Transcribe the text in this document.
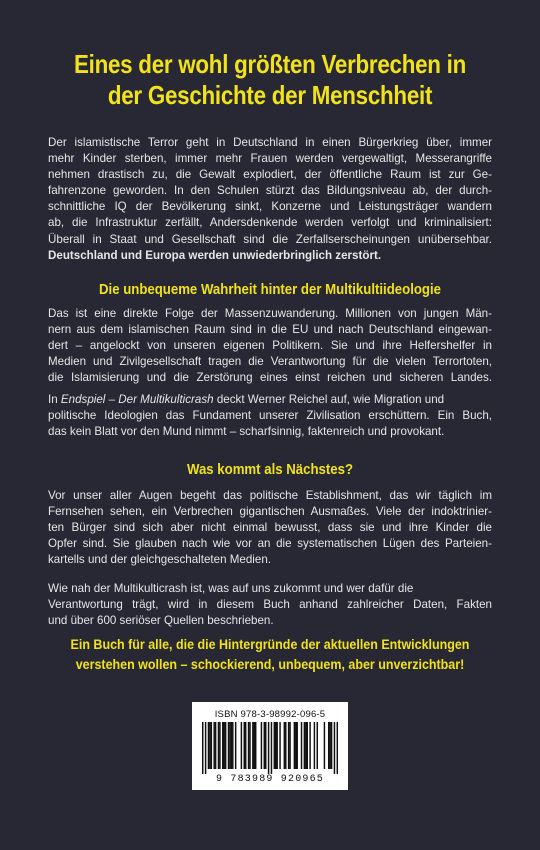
Eines der wohl größten Verbrechen in
der Geschichte der Menschheit
Der islamistische Terror geht in Deutschland in einen Bürgerkrieg über, immer
mehr Kinder sterben, immer mehr Frauen werden vergewaltigt, Messerangriffe
nehmen drastisch zu, die Gewalt explodiert, der öffentliche Raum ist zur Ge-
fahrenzone geworden. In den Schulen stürzt das Bildungsniveau ab, der durch-
schnittliche IQ der Bevölkerung sinkt, Konzerne und Leistungsträger wandern
ab, die Infrastruktur zerfällt, Andersdenkende werden verfolgt und kriminalisiert:
Überall in Staat und Gesellschaft sind die Zerfallserscheinungen unübersehbar.
Deutschland und Europa werden unwiederbringlich zerstört.
Die unbequeme Wahrheit hinter der Multikultiideologie
Das ist eine direkte Folge der Massenzuwanderung. Millionen von jungen Män-
nern aus dem islamischen Raum sind in die EU und nach Deutschland eingewan-
dert – angelockt von unseren eigenen Politikern. Sie und ihre Helfershelfer in
Medien und Zivilgesellschaft tragen die Verantwortung für die vielen Terrortoten,
die Islamisierung und die Zerstörung eines einst reichen und sicheren Landes.
In Endspiel – Der Multikulticrash deckt Werner Reichel auf, wie Migration und
politische Ideologien das Fundament unserer Zivilisation erschüttern. Ein Buch,
das kein Blatt vor den Mund nimmt – scharfsinnig, faktenreich und provokant.
Was kommt als Nächstes?
Vor unser aller Augen begeht das politische Establishment, das wir täglich im
Fernsehen sehen, ein Verbrechen gigantischen Ausmaßes. Viele der indoktrinier-
ten Bürger sind sich aber nicht einmal bewusst, dass sie und ihre Kinder die
Opfer sind. Sie glauben nach wie vor an die systematischen Lügen des Parteien-
kartells und der gleichgeschalteten Medien.
Wie nah der Multikulticrash ist, was auf uns zukommt und wer dafür die
Verantwortung trägt, wird in diesem Buch anhand zahlreicher Daten, Fakten
und über 600 seriöser Quellen beschrieben.
Ein Buch für alle, die die Hintergründe der aktuellen Entwicklungen
verstehen wollen – schockierend, unbequem, aber unverzichtbar!
ISBN 978-3-98992-096-5
9 783989 920965
